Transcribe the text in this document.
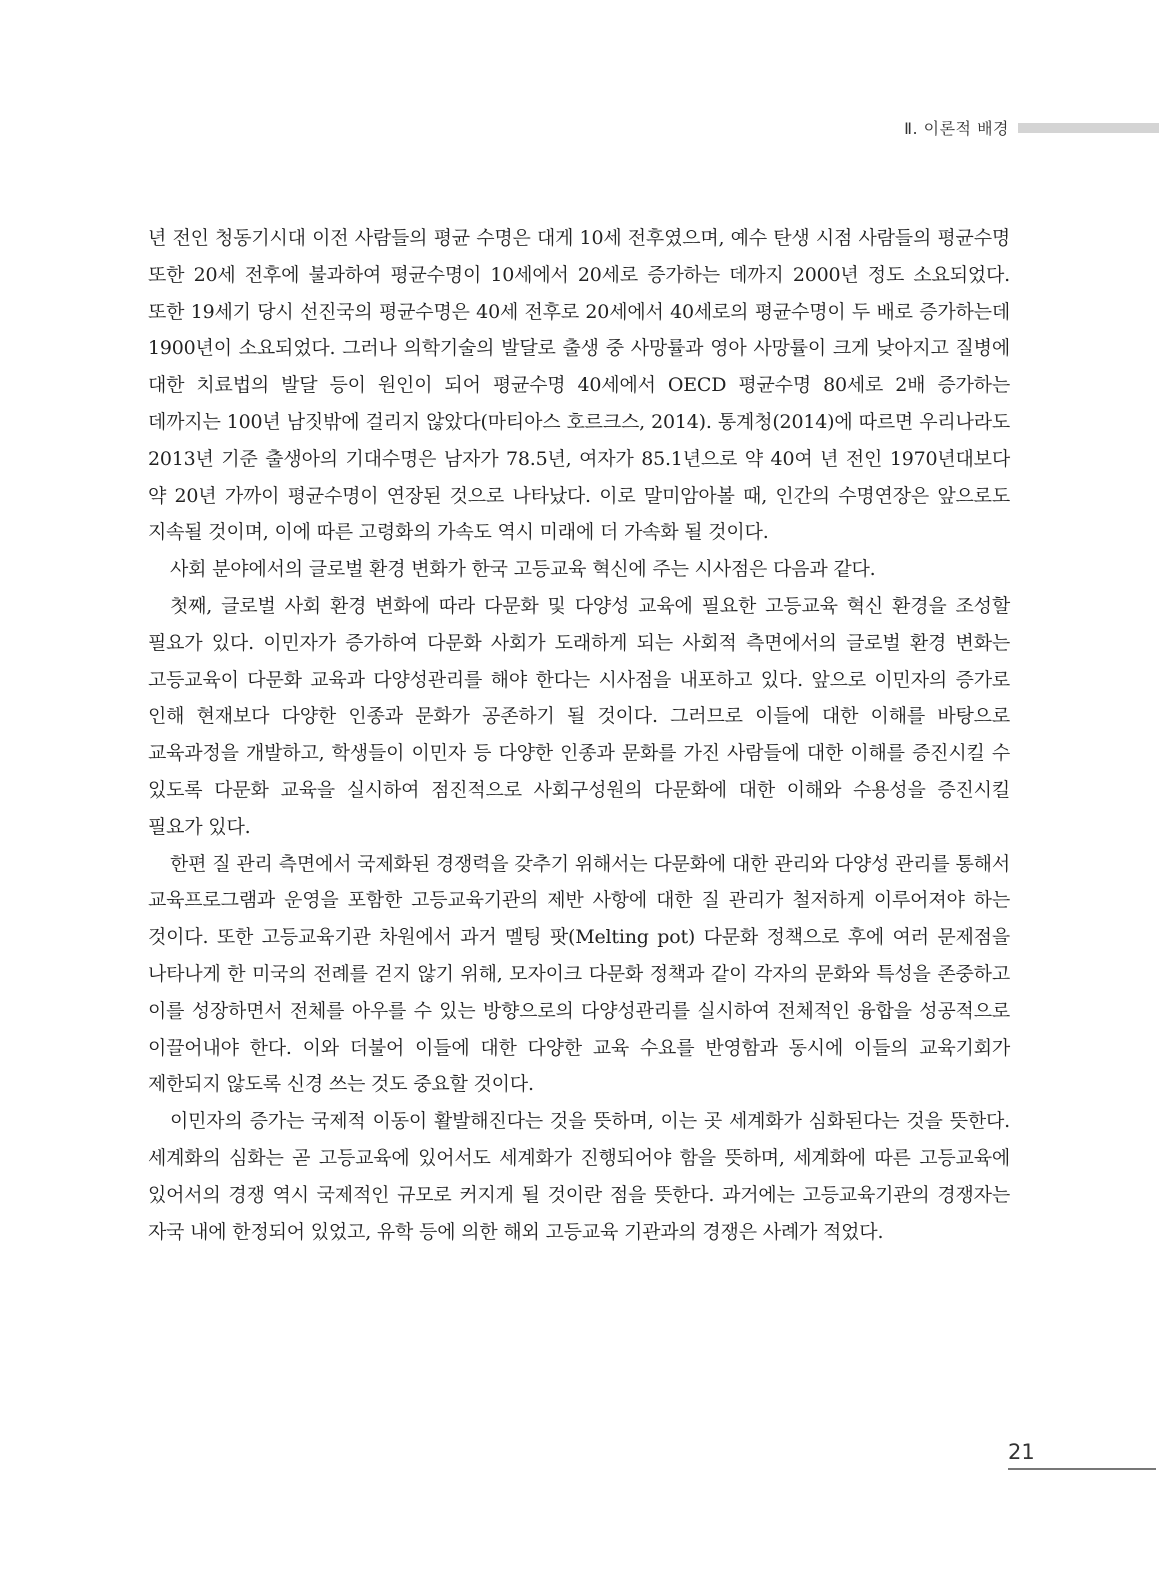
Ⅱ. 이론적 배경

년 전인 청동기시대 이전 사람들의 평균 수명은 대게 10세 전후였으며, 예수 탄생 시점 사람들의 평균수명 또한 20세 전후에 불과하여 평균수명이 10세에서 20세로 증가하는 데까지 2000년 정도 소요되었다. 또한 19세기 당시 선진국의 평균수명은 40세 전후로 20세에서 40세로의 평균수명이 두 배로 증가하는데 1900년이 소요되었다. 그러나 의학기술의 발달로 출생 중 사망률과 영아 사망률이 크게 낮아지고 질병에 대한 치료법의 발달 등이 원인이 되어 평균수명 40세에서 OECD 평균수명 80세로 2배 증가하는 데까지는 100년 남짓밖에 걸리지 않았다(마티아스 호르크스, 2014). 통계청(2014)에 따르면 우리나라도 2013년 기준 출생아의 기대수명은 남자가 78.5년, 여자가 85.1년으로 약 40여 년 전인 1970년대보다 약 20년 가까이 평균수명이 연장된 것으로 나타났다. 이로 말미암아볼 때, 인간의 수명연장은 앞으로도 지속될 것이며, 이에 따른 고령화의 가속도 역시 미래에 더 가속화 될 것이다.

사회 분야에서의 글로벌 환경 변화가 한국 고등교육 혁신에 주는 시사점은 다음과 같다.

첫째, 글로벌 사회 환경 변화에 따라 다문화 및 다양성 교육에 필요한 고등교육 혁신 환경을 조성할 필요가 있다. 이민자가 증가하여 다문화 사회가 도래하게 되는 사회적 측면에서의 글로벌 환경 변화는 고등교육이 다문화 교육과 다양성관리를 해야 한다는 시사점을 내포하고 있다. 앞으로 이민자의 증가로 인해 현재보다 다양한 인종과 문화가 공존하기 될 것이다. 그러므로 이들에 대한 이해를 바탕으로 교육과정을 개발하고, 학생들이 이민자 등 다양한 인종과 문화를 가진 사람들에 대한 이해를 증진시킬 수 있도록 다문화 교육을 실시하여 점진적으로 사회구성원의 다문화에 대한 이해와 수용성을 증진시킬 필요가 있다.

한편 질 관리 측면에서 국제화된 경쟁력을 갖추기 위해서는 다문화에 대한 관리와 다양성 관리를 통해서 교육프로그램과 운영을 포함한 고등교육기관의 제반 사항에 대한 질 관리가 철저하게 이루어져야 하는 것이다. 또한 고등교육기관 차원에서 과거 멜팅 팟(Melting pot) 다문화 정책으로 후에 여러 문제점을 나타나게 한 미국의 전례를 걷지 않기 위해, 모자이크 다문화 정책과 같이 각자의 문화와 특성을 존중하고 이를 성장하면서 전체를 아우를 수 있는 방향으로의 다양성관리를 실시하여 전체적인 융합을 성공적으로 이끌어내야 한다. 이와 더불어 이들에 대한 다양한 교육 수요를 반영함과 동시에 이들의 교육기회가 제한되지 않도록 신경 쓰는 것도 중요할 것이다.

이민자의 증가는 국제적 이동이 활발해진다는 것을 뜻하며, 이는 곳 세계화가 심화된다는 것을 뜻한다. 세계화의 심화는 곧 고등교육에 있어서도 세계화가 진행되어야 함을 뜻하며, 세계화에 따른 고등교육에 있어서의 경쟁 역시 국제적인 규모로 커지게 될 것이란 점을 뜻한다. 과거에는 고등교육기관의 경쟁자는 자국 내에 한정되어 있었고, 유학 등에 의한 해외 고등교육 기관과의 경쟁은 사례가 적었다.

21
